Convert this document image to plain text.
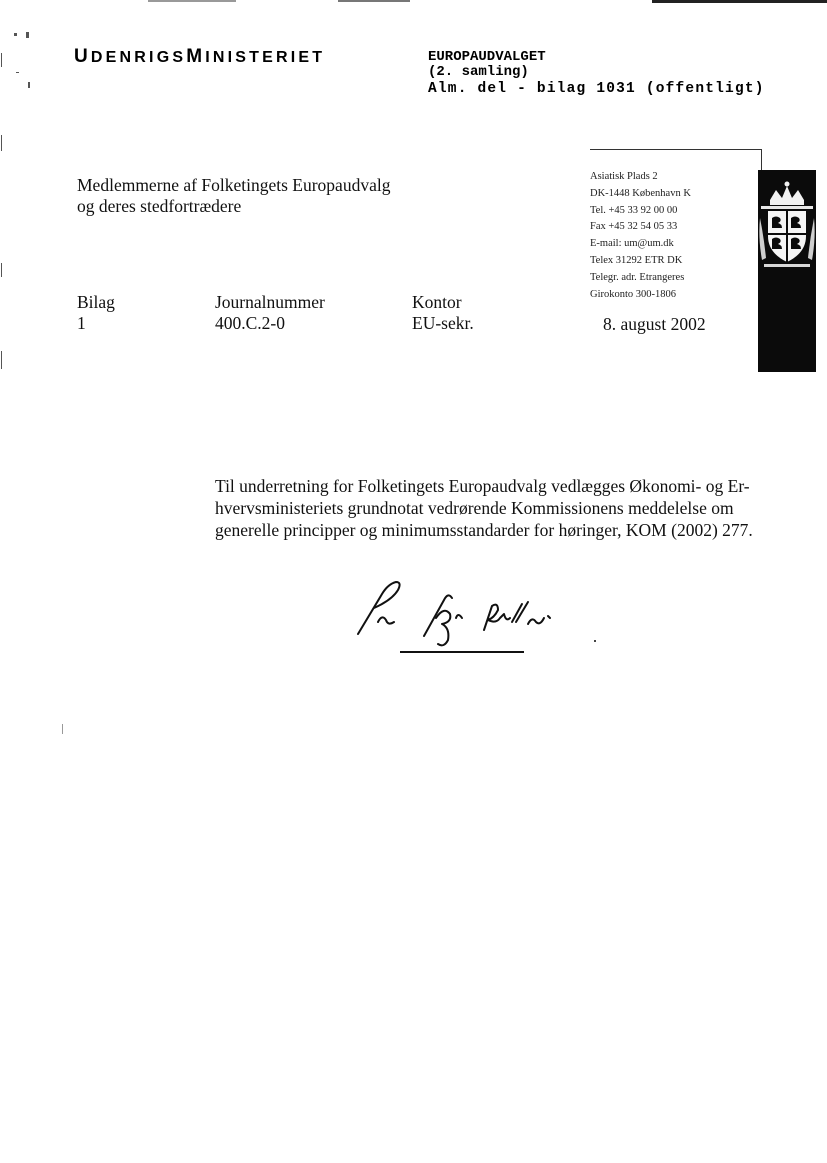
UDENRIGSMINISTERIET	EUROPAUDVALGET
(2. samling)
Alm. del - bilag 1031 (offentligt)
Medlemmerne af Folketingets Europaudvalg
og deres stedfortrædere
Asiatisk Plads 2
DK-1448 København K
Tel. +45 33 92 00 00
Fax +45 32 54 05 33
E-mail: um@um.dk
Telex 31292 ETR DK
Telegr. adr. Etrangeres
Girokonto 300-1806
Bilag
1
Journalnummer
400.C.2-0
Kontor
EU-sekr.	8. august 2002
Til underretning for Folketingets Europaudvalg vedlægges Økonomi- og Er-
hvervsministeriets grundnotat vedrørende Kommissionens meddelelse om
generelle principper og minimumsstandarder for høringer, KOM (2002) 277.
